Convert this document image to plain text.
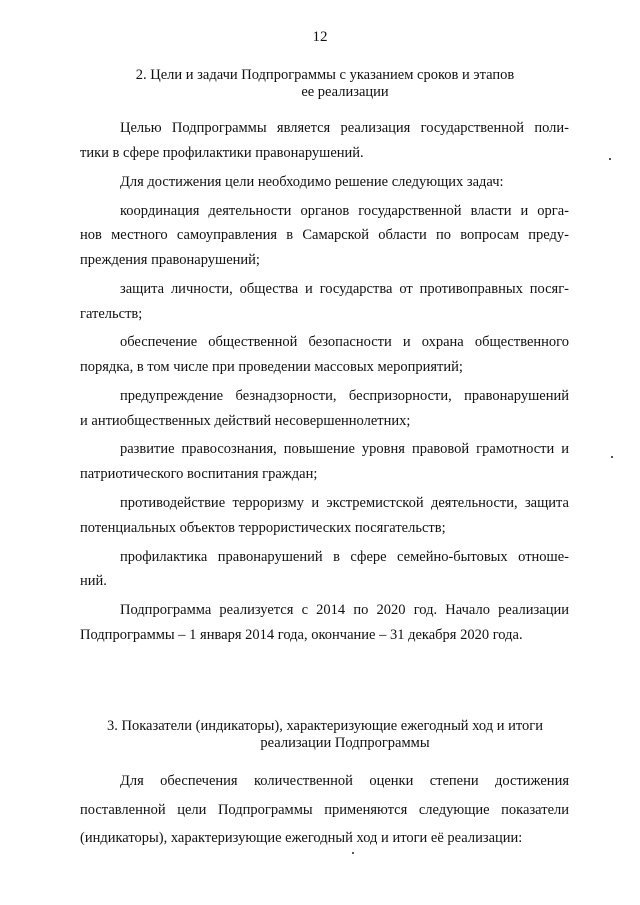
12
2. Цели и задачи Подпрограммы с указанием сроков и этапов
ее реализации
Целью Подпрограммы является реализация государственной поли-
тики в сфере профилактики правонарушений.
Для достижения цели необходимо решение следующих задач:
координация деятельности органов государственной власти и орга-
нов местного самоуправления в Самарской области по вопросам преду-
преждения правонарушений;
защита личности, общества и государства от противоправных посяг-
гательств;
обеспечение общественной безопасности и охрана общественного
порядка, в том числе при проведении массовых мероприятий;
предупреждение безнадзорности, беспризорности, правонарушений
и антиобщественных действий несовершеннолетних;
развитие правосознания, повышение уровня правовой грамотности и
патриотического воспитания граждан;
противодействие терроризму и экстремистской деятельности, защита
потенциальных объектов террористических посягательств;
профилактика правонарушений в сфере семейно-бытовых отноше-
ний.
Подпрограмма реализуется с 2014 по 2020 год. Начало реализации
Подпрограммы – 1 января 2014 года, окончание – 31 декабря 2020 года.
3. Показатели (индикаторы), характеризующие ежегодный ход и итоги
реализации Подпрограммы
Для обеспечения количественной оценки степени достижения
поставленной цели Подпрограммы применяются следующие показатели
(индикаторы), характеризующие ежегодный ход и итоги её реализации:
